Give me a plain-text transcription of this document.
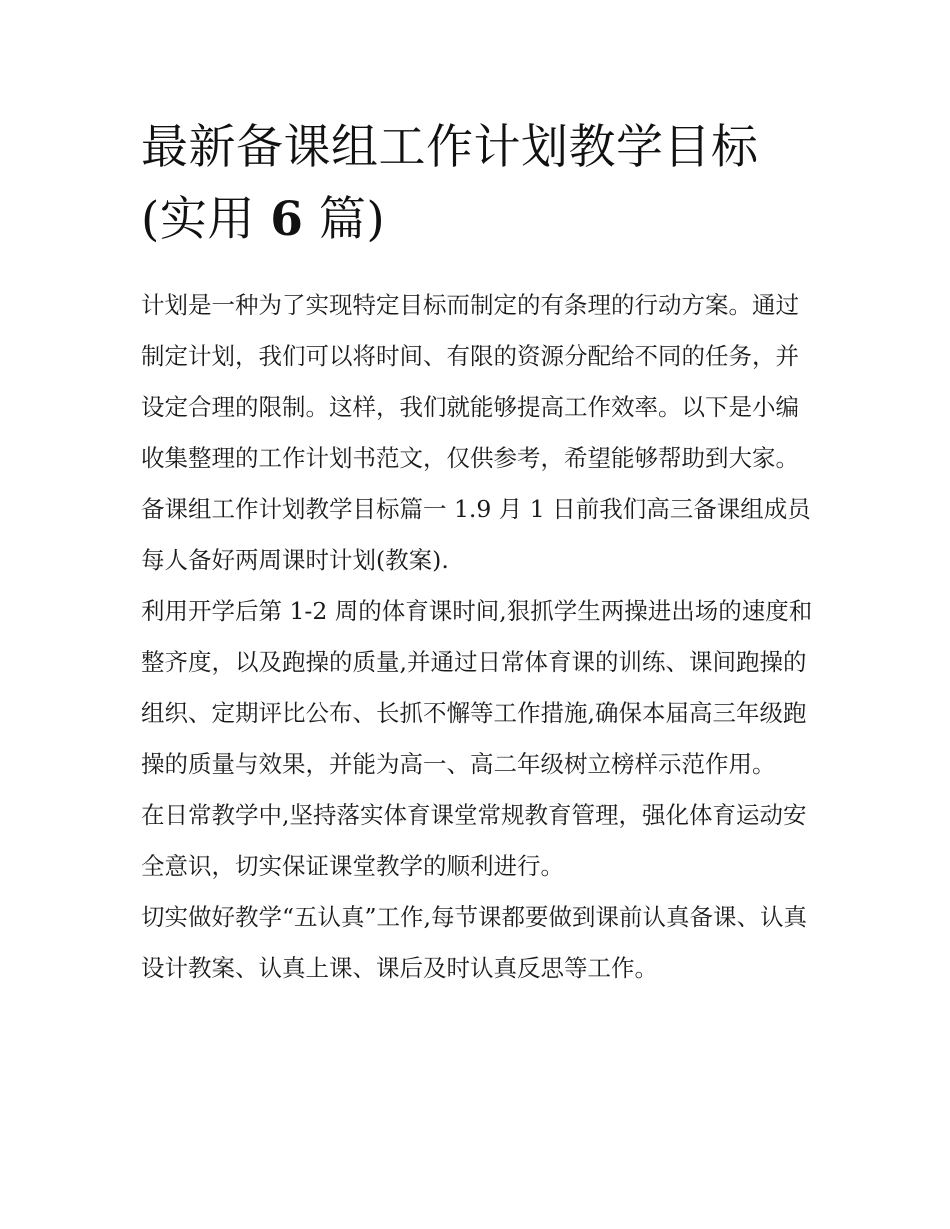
最新备课组工作计划教学目标
(实用 6 篇)

计划是一种为了实现特定目标而制定的有条理的行动方案。通过制定计划，我们可以将时间、有限的资源分配给不同的任务，并设定合理的限制。这样，我们就能够提高工作效率。以下是小编收集整理的工作计划书范文，仅供参考，希望能够帮助到大家。

备课组工作计划教学目标篇一 1.9 月 1 日前我们高三备课组成员每人备好两周课时计划(教案).

利用开学后第 1-2 周的体育课时间,狠抓学生两操进出场的速度和整齐度，以及跑操的质量,并通过日常体育课的训练、课间跑操的组织、定期评比公布、长抓不懈等工作措施,确保本届高三年级跑操的质量与效果，并能为高一、高二年级树立榜样示范作用。

在日常教学中,坚持落实体育课堂常规教育管理，强化体育运动安全意识，切实保证课堂教学的顺利进行。

切实做好教学“五认真”工作,每节课都要做到课前认真备课、认真设计教案、认真上课、课后及时认真反思等工作。
